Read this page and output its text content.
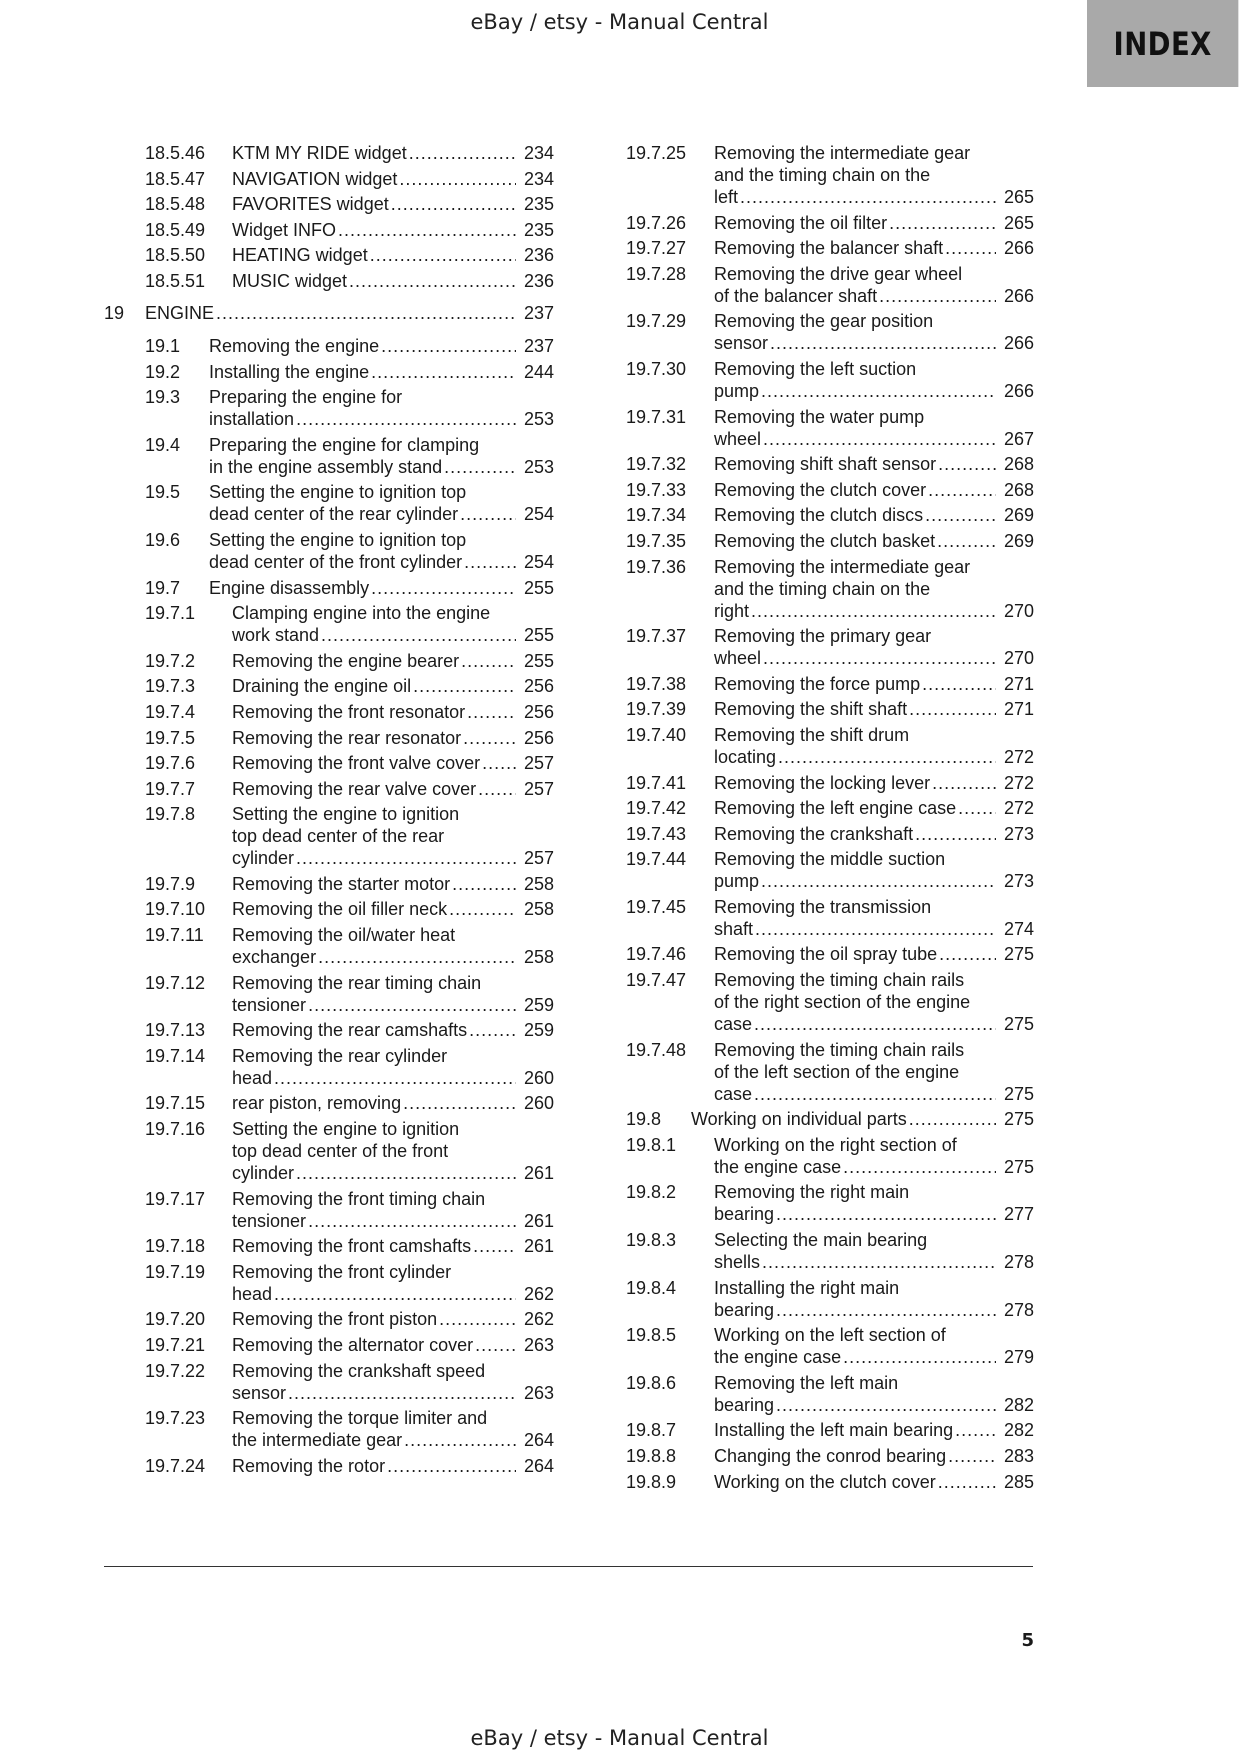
eBay / etsy - Manual Central
INDEX
18.5.46 KTM MY RIDE widget .....	234
18.5.47 NAVIGATION widget .....	234
18.5.48 FAVORITES widget .....	235
18.5.49 Widget INFO .....	235
18.5.50 HEATING widget .....	236
18.5.51 MUSIC widget .....	236
19 ENGINE .....	237
19.1 Removing the engine .....	237
19.2 Installing the engine .....	244
19.3 Preparing the engine for
installation .....	253
19.4 Preparing the engine for clamping
in the engine assembly stand .....	253
19.5 Setting the engine to ignition top
dead center of the rear cylinder .....	254
19.6 Setting the engine to ignition top
dead center of the front cylinder .....	254
19.7 Engine disassembly .....	255
19.7.1 Clamping engine into the engine
work stand .....	255
19.7.2 Removing the engine bearer .....	255
19.7.3 Draining the engine oil .....	256
19.7.4 Removing the front resonator .....	256
19.7.5 Removing the rear resonator .....	256
19.7.6 Removing the front valve cover ..... 257
19.7.7 Removing the rear valve cover .....	257
19.7.8 Setting the engine to ignition
top dead center of the rear
cylinder .....	257
19.7.9 Removing the starter motor .....	258
19.7.10 Removing the oil filler neck .....	258
19.7.11 Removing the oil/water heat
exchanger .....	258
19.7.12 Removing the rear timing chain
tensioner .....	259
19.7.13 Removing the rear camshafts .....	259
19.7.14 Removing the rear cylinder
head .....	260
19.7.15 rear piston, removing .....	260
19.7.16 Setting the engine to ignition
top dead center of the front
cylinder .....	261
19.7.17 Removing the front timing chain
tensioner .....	261
19.7.18 Removing the front camshafts .....	261
19.7.19 Removing the front cylinder
head .....	262
19.7.20 Removing the front piston .....	262
19.7.21 Removing the alternator cover .....	263
19.7.22 Removing the crankshaft speed
sensor .....	263
19.7.23 Removing the torque limiter and
the intermediate gear .....	264
19.7.24 Removing the rotor .....	264
19.7.25 Removing the intermediate gear
and the timing chain on the
left .....	265
19.7.26 Removing the oil filter .....	265
19.7.27 Removing the balancer shaft .....	266
19.7.28 Removing the drive gear wheel
of the balancer shaft .....	266
19.7.29 Removing the gear position
sensor .....	266
19.7.30 Removing the left suction
pump .....	266
19.7.31 Removing the water pump
wheel .....	267
19.7.32 Removing shift shaft sensor .....	268
19.7.33 Removing the clutch cover .....	268
19.7.34 Removing the clutch discs .....	269
19.7.35 Removing the clutch basket .....	269
19.7.36 Removing the intermediate gear
and the timing chain on the
right .....	270
19.7.37 Removing the primary gear
wheel .....	270
19.7.38 Removing the force pump .....	271
19.7.39 Removing the shift shaft .....	271
19.7.40 Removing the shift drum
locating .....	272
19.7.41 Removing the locking lever .....	272
19.7.42 Removing the left engine case .....	272
19.7.43 Removing the crankshaft .....	273
19.7.44 Removing the middle suction
pump .....	273
19.7.45 Removing the transmission
shaft .....	274
19.7.46 Removing the oil spray tube .....	275
19.7.47 Removing the timing chain rails
of the right section of the engine
case .....	275
19.7.48 Removing the timing chain rails
of the left section of the engine
case .....	275
19.8 Working on individual parts .....	275
19.8.1 Working on the right section of
the engine case .....	275
19.8.2 Removing the right main
bearing .....	277
19.8.3 Selecting the main bearing
shells .....	278
19.8.4 Installing the right main
bearing .....	278
19.8.5 Working on the left section of
the engine case .....	279
19.8.6 Removing the left main
bearing .....	282
19.8.7 Installing the left main bearing .....	282
19.8.8 Changing the conrod bearing .....	283
19.8.9 Working on the clutch cover .....	285
5
eBay / etsy - Manual Central
